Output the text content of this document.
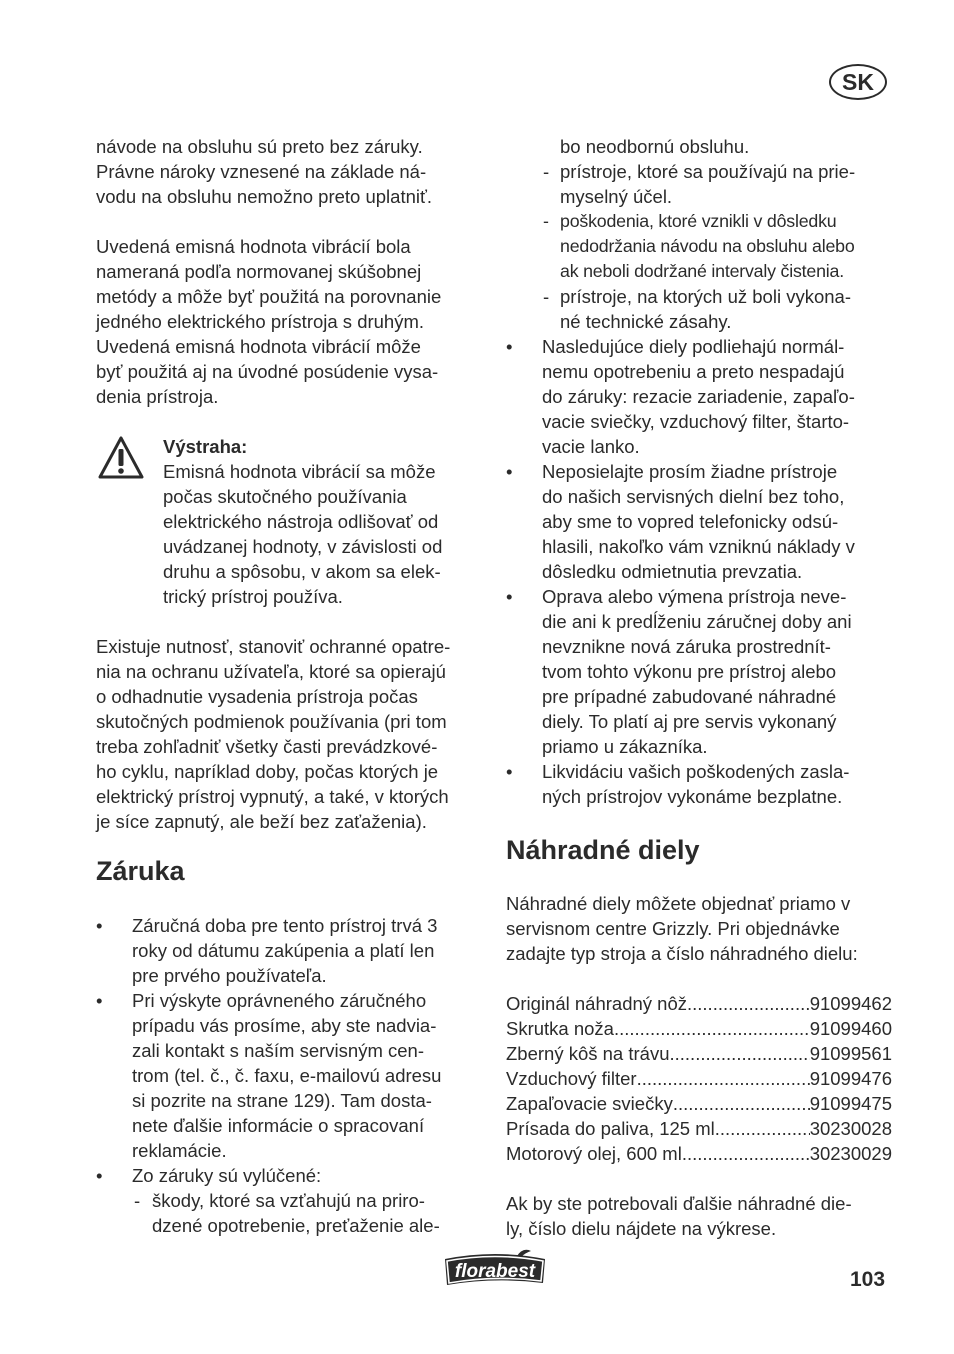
SK

návode na obsluhu sú preto bez záruky.
Právne nároky vznesené na základe ná-
vodu na obsluhu nemožno preto uplatniť.

Uvedená emisná hodnota vibrácií bola
nameraná podľa normovanej skúšobnej
metódy a môže byť použitá na porovnanie
jedného elektrického prístroja s druhým.
Uvedená emisná hodnota vibrácií môže
byť použitá aj na úvodné posúdenie vysa-
denia prístroja.

Výstraha:
Emisná hodnota vibrácií sa môže
počas skutočného používania
elektrického nástroja odlišovať od
uvádzanej hodnoty, v závislosti od
druhu a spôsobu, v akom sa elek-
trický prístroj používa.

Existuje nutnosť, stanoviť ochranné opatre-
nia na ochranu užívateľa, ktoré sa opierajú
o odhadnutie vysadenia prístroja počas
skutočných podmienok používania (pri tom
treba zohľadniť všetky časti prevádzkové-
ho cyklu, napríklad doby, počas ktorých je
elektrický prístroj vypnutý, a také, v ktorých
je síce zapnutý, ale beží bez zaťaženia).

Záruka
• Záručná doba pre tento prístroj trvá 3
roky od dátumu zakúpenia a platí len
pre prvého používateľa.
• Pri výskyte oprávneného záručného
prípadu vás prosíme, aby ste nadvia-
zali kontakt s naším servisným cen-
trom (tel. č., č. faxu, e-mailovú adresu
si pozrite na strane 129). Tam dosta-
nete ďalšie informácie o spracovaní
reklamácie.
• Zo záruky sú vylúčené:
- škody, ktoré sa vzťahujú na priro-
dzené opotrebenie, preťaženie ale-
bo neodbornú obsluhu.
- prístroje, ktoré sa používajú na prie-
myselný účel.
- poškodenia, ktoré vznikli v dôsledku
nedodržania návodu na obsluhu alebo
ak neboli dodržané intervaly čistenia.
- prístroje, na ktorých už boli vykona-
né technické zásahy.
• Nasledujúce diely podliehajú normál-
nemu opotrebeniu a preto nespadajú
do záruky: rezacie zariadenie, zapaľo-
vacie sviečky, vzduchový filter, štarto-
vacie lanko.
• Neposielajte prosím žiadne prístroje
do našich servisných dielní bez toho,
aby sme to vopred telefonicky odsú-
hlasili, nakoľko vám vzniknú náklady v
dôsledku odmietnutia prevzatia.
• Oprava alebo výmena prístroja neve-
die ani k predĺženiu záručnej doby ani
nevznikne nová záruka prostrednít-
tvom tohto výkonu pre prístroj alebo
pre prípadné zabudované náhradné
diely. To platí aj pre servis vykonaný
priamo u zákazníka.
• Likvidáciu vašich poškodených zasla-
ných prístrojov vykonáme bezplatne.
Náhradné diely

Náhradné diely môžete objednať priamo v
servisnom centre Grizzly. Pri objednávke
zadajte typ stroja a číslo náhradného dielu:

Originál náhradný nôž .....	91099462
Skrutka noža .....	91099460
Zberný kôš na trávu .....	91099561
Vzduchový filter .....	91099476
Zapaľovacie sviečky .....	91099475
Prísada do paliva, 125 ml .....	30230028
Motorový olej, 600 ml .....	30230029

Ak by ste potrebovali ďalšie náhradné die-
ly, číslo dielu nájdete na výkrese.

florabest	103
